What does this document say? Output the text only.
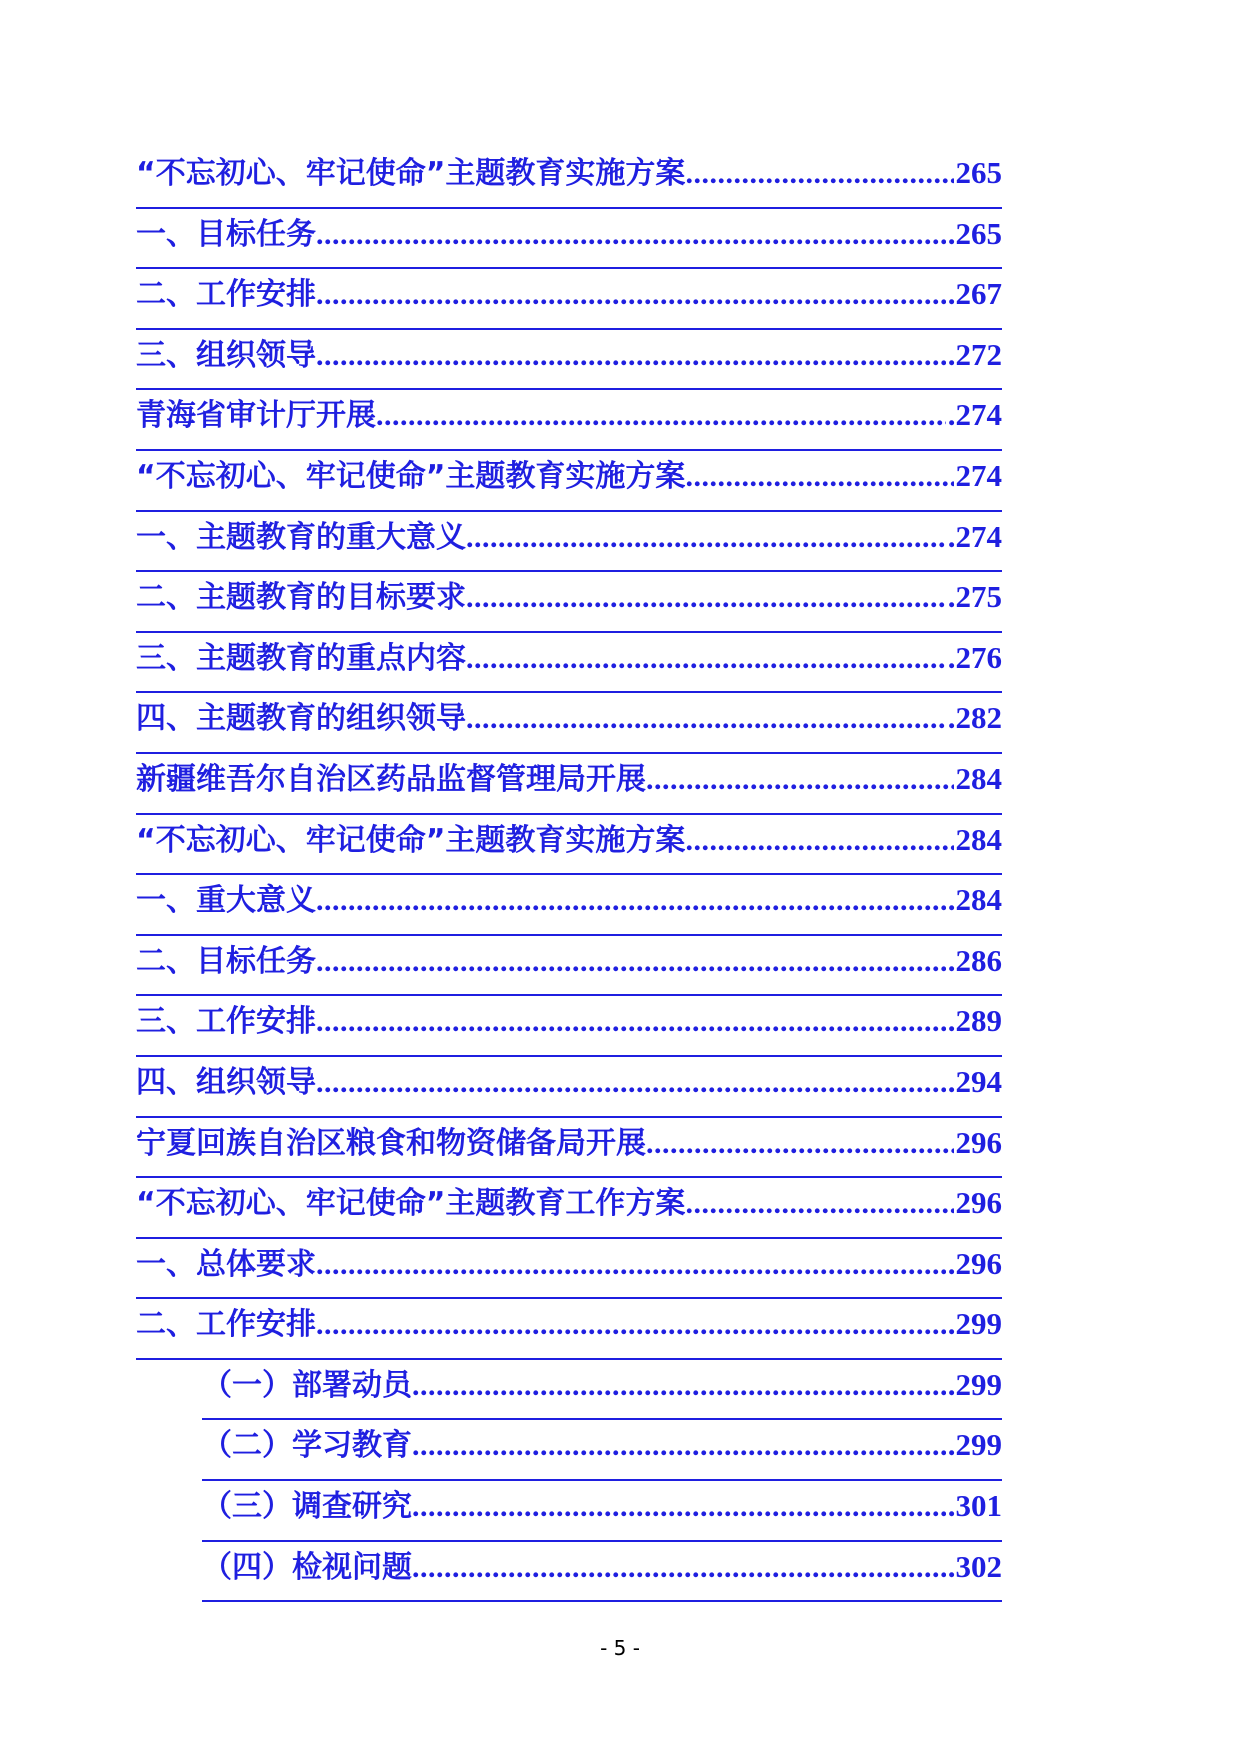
“不忘初心、牢记使命”主题教育实施方案 .....	265
一、目标任务 .....	.265
二、工作安排 .....	.267
三、组织领导 .....	.272
青海省审计厅开展 .....	.274
“不忘初心、牢记使命”主题教育实施方案 .....	274
一、主题教育的重大意义 .....	.274
二、主题教育的目标要求 .....	.275
三、主题教育的重点内容 .....	.276
四、主题教育的组织领导 .....	.282
新疆维吾尔自治区药品监督管理局开展 .....	284
“不忘初心、牢记使命”主题教育实施方案 .....	284
一、重大意义 .....	.284
二、目标任务 .....	.286
三、工作安排 .....	.289
四、组织领导 .....	.294
宁夏回族自治区粮食和物资储备局开展 .....	296
“不忘初心、牢记使命”主题教育工作方案 .....	296
一、总体要求 .....	.296
二、工作安排 .....	.299
（一）部署动员 .....	.299
（二）学习教育 .....	.299
（三）调查研究 .....	.301
（四）检视问题 .....	.302
- 5 -
